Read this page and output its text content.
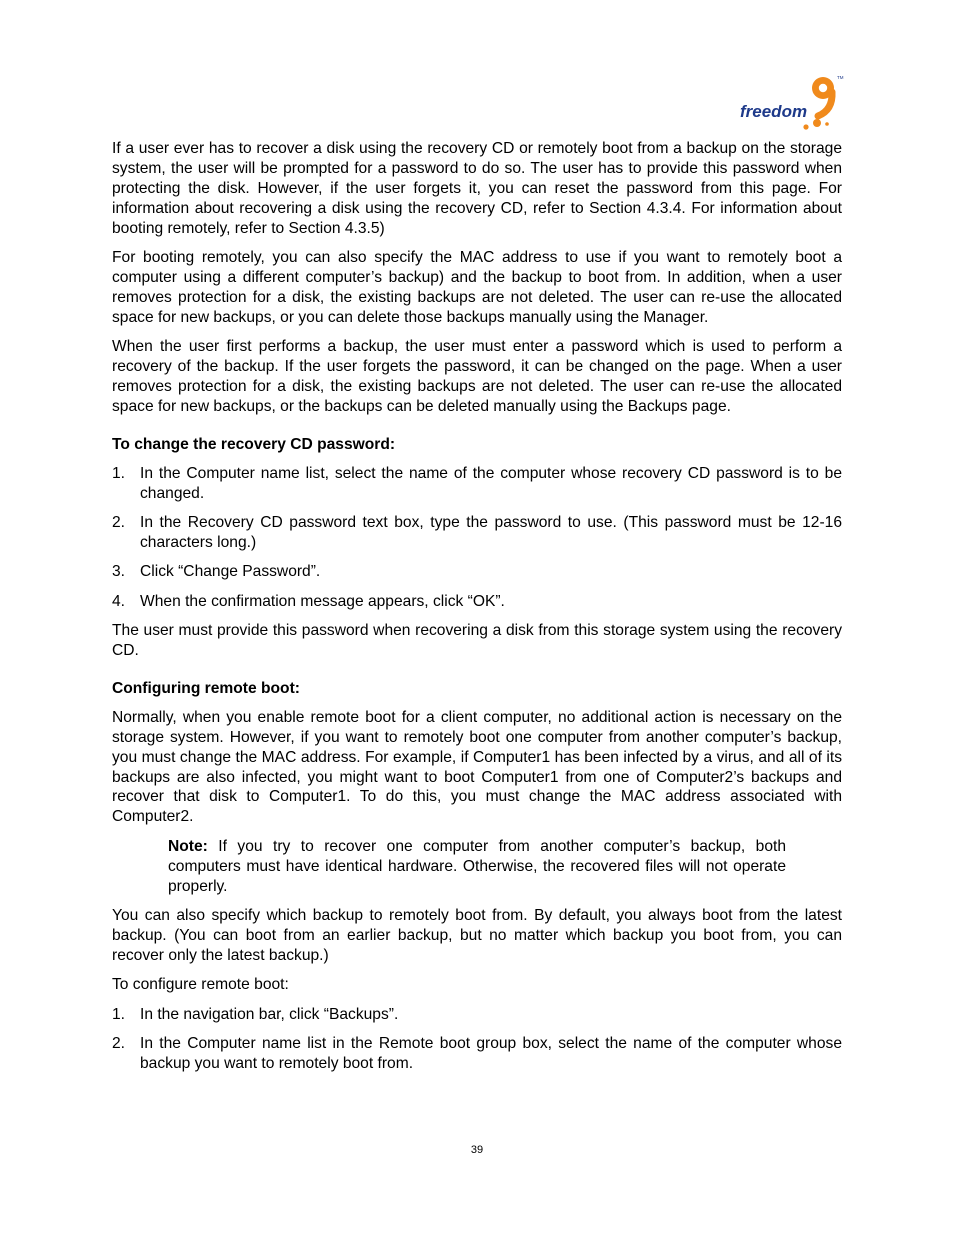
freedom
TM

If a user ever has to recover a disk using the recovery CD or remotely boot from a backup on the storage system, the user will be prompted for a password to do so. The user has to provide this password when protecting the disk. However, if the user forgets it, you can reset the password from this page. For information about recovering a disk using the recovery CD, refer to Section 4.3.4. For information about booting remotely, refer to Section 4.3.5)

For booting remotely, you can also specify the MAC address to use if you want to remotely boot a computer using a different computer’s backup) and the backup to boot from. In addition, when a user removes protection for a disk, the existing backups are not deleted. The user can re-use the allocated space for new backups, or you can delete those backups manually using the Manager.

When the user first performs a backup, the user must enter a password which is used to perform a recovery of the backup. If the user forgets the password, it can be changed on the page. When a user removes protection for a disk, the existing backups are not deleted. The user can re-use the allocated space for new backups, or the backups can be deleted manually using the Backups page.

To change the recovery CD password:

1. In the Computer name list, select the name of the computer whose recovery CD password is to be changed.
2. In the Recovery CD password text box, type the password to use. (This password must be 12-16 characters long.)
3. Click “Change Password”.
4. When the confirmation message appears, click “OK”.

The user must provide this password when recovering a disk from this storage system using the recovery CD.

Configuring remote boot:

Normally, when you enable remote boot for a client computer, no additional action is necessary on the storage system. However, if you want to remotely boot one computer from another computer’s backup, you must change the MAC address. For example, if Computer1 has been infected by a virus, and all of its backups are also infected, you might want to boot Computer1 from one of Computer2’s backups and recover that disk to Computer1. To do this, you must change the MAC address associated with Computer2.

Note: If you try to recover one computer from another computer’s backup, both computers must have identical hardware. Otherwise, the recovered files will not operate properly.

You can also specify which backup to remotely boot from. By default, you always boot from the latest backup. (You can boot from an earlier backup, but no matter which backup you boot from, you can recover only the latest backup.)

To configure remote boot:

1. In the navigation bar, click “Backups”.
2. In the Computer name list in the Remote boot group box, select the name of the computer whose backup you want to remotely boot from.
39
